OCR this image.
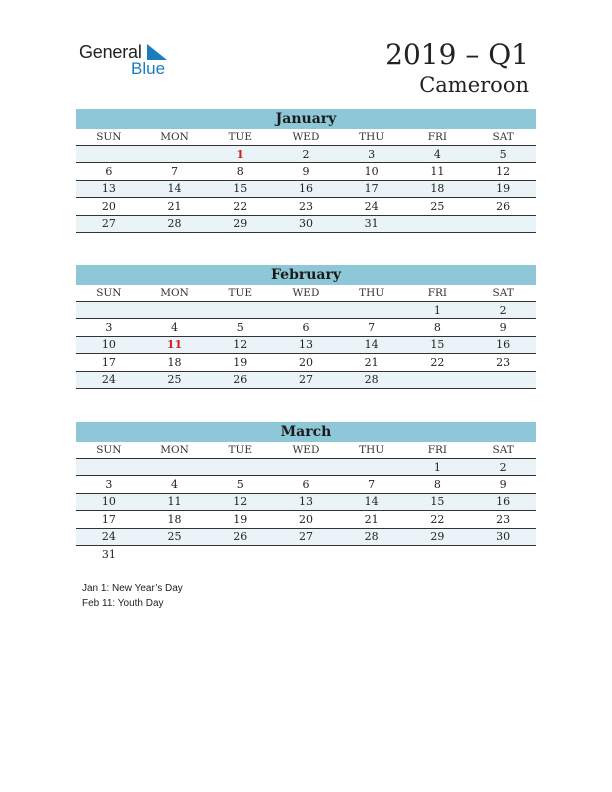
General
Blue	2019 – Q1
Cameroon
January
SUN	MON	TUE	WED	THU	FRI	SAT
		1	2	3	4	5
6	7	8	9	10	11	12
13	14	15	16	17	18	19
20	21	22	23	24	25	26
27	28	29	30	31		
February
SUN	MON	TUE	WED	THU	FRI	SAT
					1	2
3	4	5	6	7	8	9
10	11	12	13	14	15	16
17	18	19	20	21	22	23
24	25	26	27	28		
March
SUN	MON	TUE	WED	THU	FRI	SAT
					1	2
3	4	5	6	7	8	9
10	11	12	13	14	15	16
17	18	19	20	21	22	23
24	25	26	27	28	29	30
31						
Jan 1: New Year’s Day
Feb 11: Youth Day
